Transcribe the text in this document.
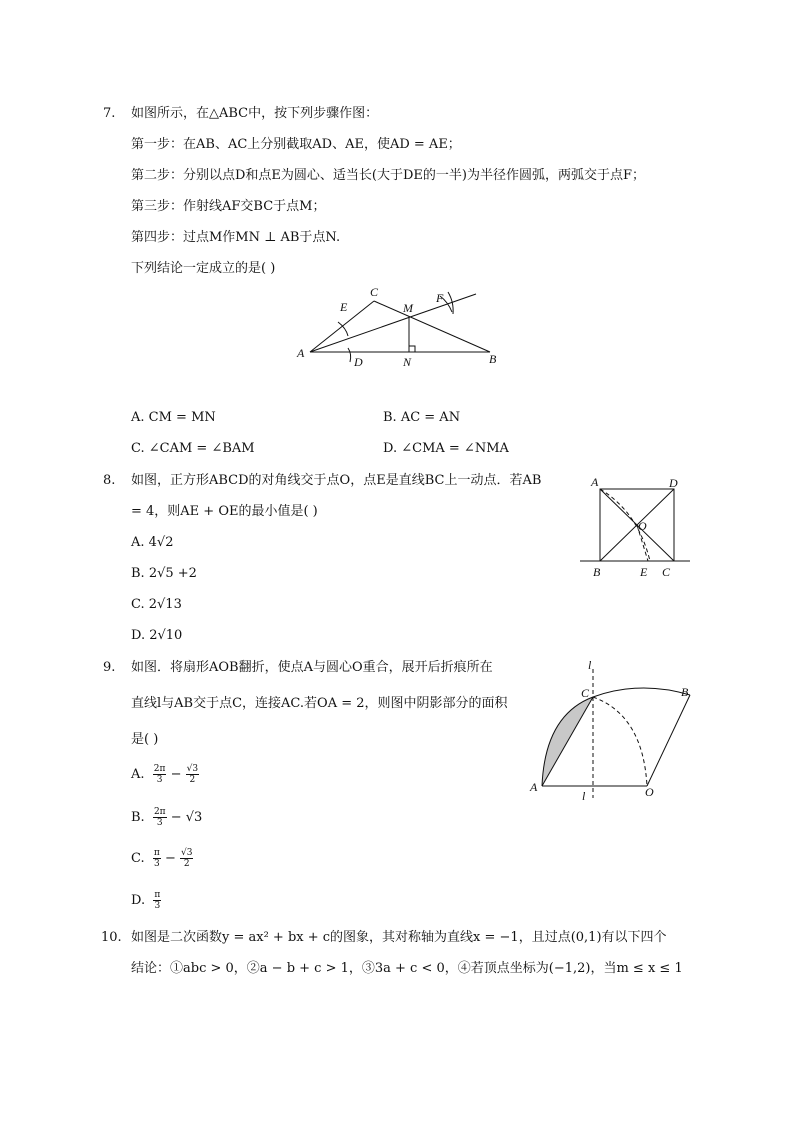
7. 如图所示，在△ABC中，按下列步骤作图：
第一步：在AB、AC上分别截取AD、AE，使AD = AE；
第二步：分别以点D和点E为圆心、适当长(大于DE的一半)为半径作圆弧，两弧交于点F；
第三步：作射线AF交BC于点M；
第四步：过点M作MN ⊥ AB于点N.
下列结论一定成立的是( )
A	B
C
D
E
F
M
N
A. CM = MN	B. AC = AN
C. ∠CAM = ∠BAM	D. ∠CMA = ∠NMA
8. 如图，正方形ABCD的对角线交于点O，点E是直线BC上一动点．若AB
= 4，则AE + OE的最小值是( )
A. 4√2
B. 2√5 +2
C. 2√13
D. 2√10
A	D
O
B	E C
9. 如图．将扇形AOB翻折，使点A与圆心O重合，展开后折痕所在
直线l与AB交于点C，连接AC.若OA = 2，则图中阴影部分的面积
是( )
A. $\frac{2\pi}{3} - \frac{√3}{2}$
B. $\frac{2\pi}{3} - √3$
C. $\frac{\pi}{3} - \frac{√3}{2}$
D. $\frac{\pi}{3}$
l
C	B
A
l	O
10. 如图是二次函数y = ax² + bx + c的图象，其对称轴为直线x = −1，且过点(0,1)有以下四个
结论：①abc > 0，②a − b + c > 1，③3a + c < 0，④若顶点坐标为(−1,2)，当m ≤ x ≤ 1
